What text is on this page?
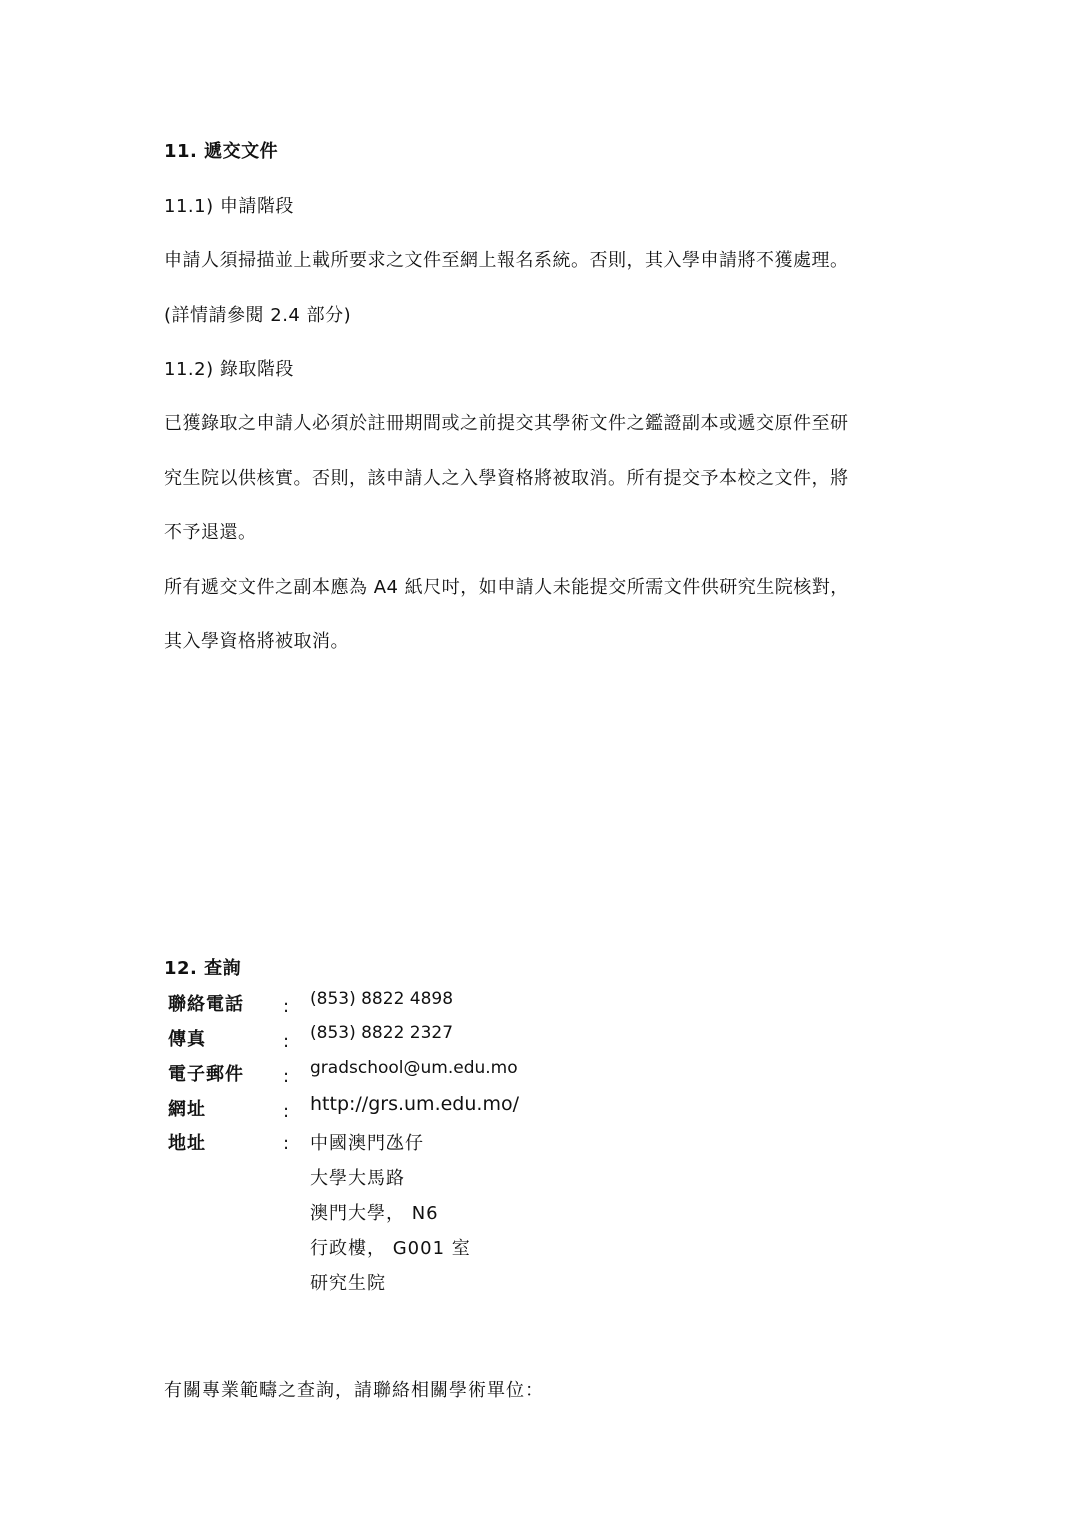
11. 遞交文件
11.1) 申請階段
申請人須掃描並上載所要求之文件至網上報名系統。否則，其入學申請將不獲處理。
(詳情請參閱 2.4 部分)
11.2) 錄取階段
已獲錄取之申請人必須於註冊期間或之前提交其學術文件之鑑證副本或遞交原件至研
究生院以供核實。否則，該申請人之入學資格將被取消。所有提交予本校之文件，將
不予退還。
所有遞交文件之副本應為 A4 紙尺吋，如申請人未能提交所需文件供研究生院核對，
其入學資格將被取消。
12. 查詢
聯絡電話 : (853) 8822 4898
傳真	: (853) 8822 2327
電子郵件 : gradschool@um.edu.mo
網址	: http://grs.um.edu.mo/
地址	: 中國澳門氹仔
大學大馬路
澳門大學， N6
行政樓， G001 室
研究生院
有關專業範疇之查詢，請聯絡相關學術單位：
